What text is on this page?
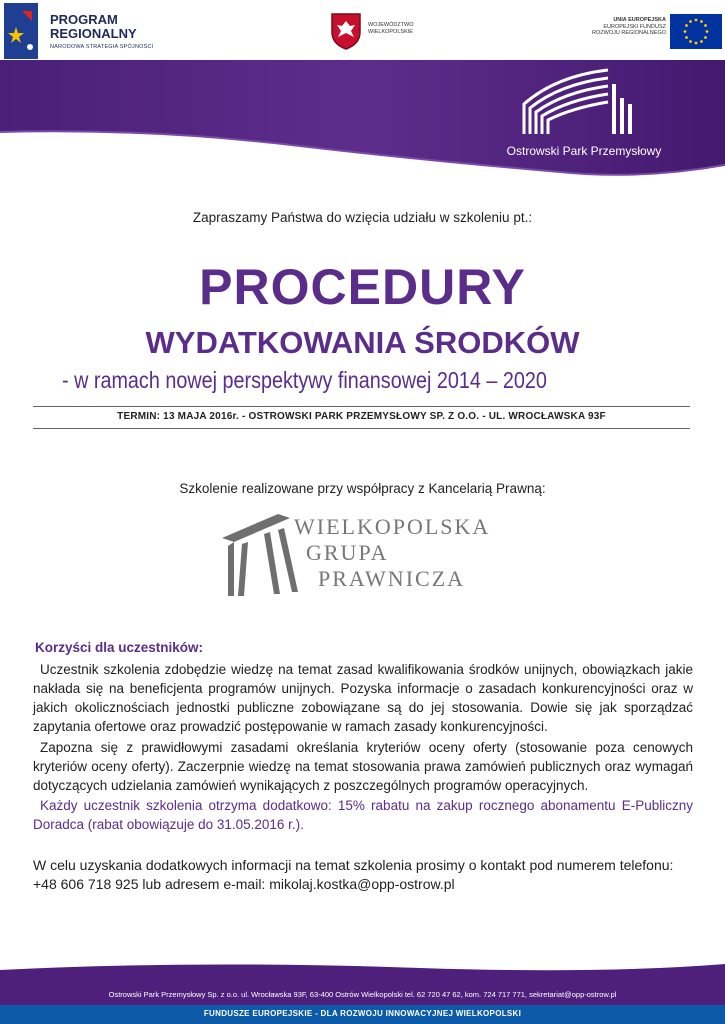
PROGRAM
REGIONALNY
NARODOWA STRATEGIA SPÓJNOŚCI
WOJEWÓDZTWO
WIELKOPOLSKIE
UNIA EUROPEJSKA
EUROPEJSKI FUNDUSZ
ROZWOJU REGIONALNEGO
Ostrowski Park Przemysłowy
Zapraszamy Państwa do wzięcia udziału w szkoleniu pt.:
PROCEDURY
WYDATKOWANIA ŚRODKÓW
- w ramach nowej perspektywy finansowej 2014 – 2020
TERMIN: 13 MAJA 2016r. - OSTROWSKI PARK PRZEMYSŁOWY SP. Z O.O. - UL. WROCŁAWSKA 93F
Szkolenie realizowane przy współpracy z Kancelarią Prawną:
WIELKOPOLSKA
GRUPA
PRAWNICZA
Korzyści dla uczestników:
Uczestnik szkolenia zdobędzie wiedzę na temat zasad kwalifikowania środków unijnych, obowiązkach jakie nakłada się na beneficjenta programów unijnych. Pozyska informacje o zasadach konkurencyjności oraz w jakich okolicznościach jednostki publiczne zobowiązane są do jej stosowania. Dowie się jak sporządzać zapytania ofertowe oraz prowadzić postępowanie w ramach zasady konkurencyjności.
Zapozna się z prawidłowymi zasadami określania kryteriów oceny oferty (stosowanie poza cenowych kryteriów oceny oferty). Zaczerpnie wiedzę na temat stosowania prawa zamówień publicznych oraz wymagań dotyczących udzielania zamówień wynikających z poszczególnych programów operacyjnych.
Każdy uczestnik szkolenia otrzyma dodatkowo: 15% rabatu na zakup rocznego abonamentu E-Publiczny Doradca (rabat obowiązuje do 31.05.2016 r.).
W celu uzyskania dodatkowych informacji na temat szkolenia prosimy o kontakt pod numerem telefonu: +48 606 718 925 lub adresem e-mail: mikolaj.kostka@opp-ostrow.pl
Ostrowski Park Przemysłowy Sp. z o.o. ul. Wrocławska 93F, 63-400 Ostrów Wielkopolski tel. 62 720 47 62, kom. 724 717 771, sekretariat@opp-ostrow.pl
FUNDUSZE EUROPEJSKIE - DLA ROZWOJU INNOWACYJNEJ WIELKOPOLSKI
